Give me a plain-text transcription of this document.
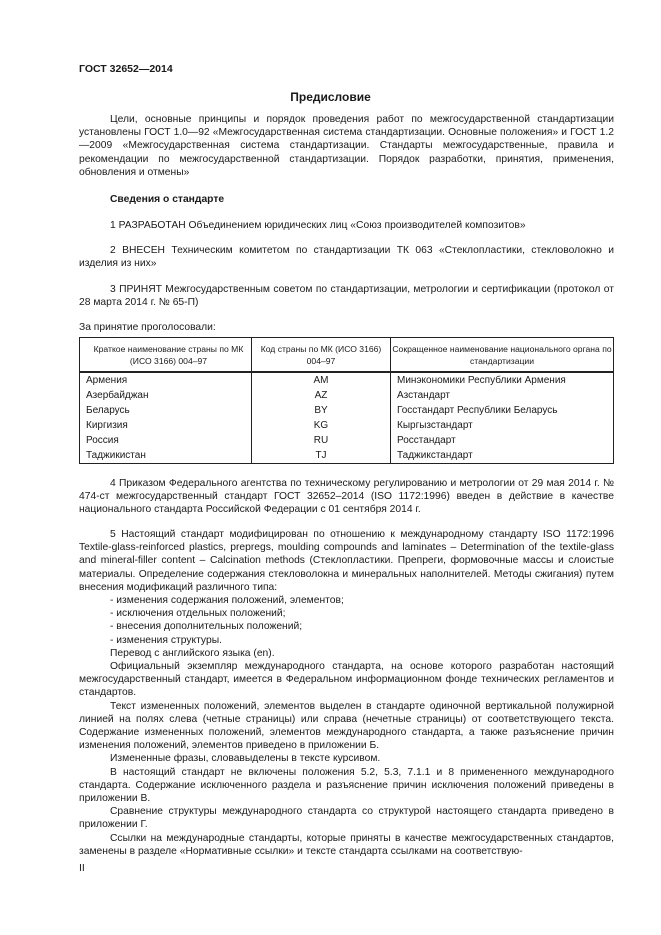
ГОСТ 32652—2014
Предисловие

Цели, основные принципы и порядок проведения работ по межгосударственной стандартизации установлены ГОСТ 1.0—92 «Межгосударственная система стандартизации. Основные положения» и ГОСТ 1.2—2009 «Межгосударственная система стандартизации. Стандарты межгосударственные, правила и рекомендации по межгосударственной стандартизации. Порядок разработки, принятия, применения, обновления и отмены»

Сведения о стандарте

1 РАЗРАБОТАН Объединением юридических лиц «Союз производителей композитов»

2 ВНЕСЕН Техническим комитетом по стандартизации ТК 063 «Стеклопластики, стекловолокно и изделия из них»

3 ПРИНЯТ Межгосударственным советом по стандартизации, метрологии и сертификации (протокол от 28 марта 2014 г. № 65-П)

За принятие проголосовали:

Краткое наименование страны по МК (ИСО 3166) 004–97	Код страны по МК (ИСО 3166) 004–97	Сокращенное наименование национального органа по стандартизации
Армения	AM	Минэкономики Республики Армения
Азербайджан	AZ	Азстандарт
Беларусь	BY	Госстандарт Республики Беларусь
Киргизия	KG	Кыргызстандарт
Россия	RU	Росстандарт
Таджикистан	TJ	Таджикстандарт

4 Приказом Федерального агентства по техническому регулированию и метрологии от 29 мая 2014 г. № 474-ст межгосударственный стандарт ГОСТ 32652–2014 (ISO 1172:1996) введен в действие в качестве национального стандарта Российской Федерации с 01 сентября 2014 г.

5 Настоящий стандарт модифицирован по отношению к международному стандарту ISO 1172:1996 Textile-glass-reinforced plastics, prepregs, moulding compounds and laminates – Determination of the textile-glass and mineral-filler content – Calcination methods (Стеклопластики. Препреги, формовочные массы и слоистые материалы. Определение содержания стекловолокна и минеральных наполнителей. Методы сжигания) путем внесения модификаций различного типа:

- изменения содержания положений, элементов;

- исключения отдельных положений;

- внесения дополнительных положений;

- изменения структуры.

Перевод с английского языка (en).

Официальный экземпляр международного стандарта, на основе которого разработан настоящий межгосударственный стандарт, имеется в Федеральном информационном фонде технических регламентов и стандартов.

Текст измененных положений, элементов выделен в стандарте одиночной вертикальной полужирной линией на полях слева (четные страницы) или справа (нечетные страницы) от соответствующего текста. Содержание измененных положений, элементов международного стандарта, а также разъяснение причин изменения положений, элементов приведено в приложении Б.

Измененные фразы, словавыделены в тексте курсивом.

В настоящий стандарт не включены положения 5.2, 5.3, 7.1.1 и 8 примененного международного стандарта. Содержание исключенного раздела и разъяснение причин исключения положений приведены в приложении В.

Сравнение структуры международного стандарта со структурой настоящего стандарта приведено в приложении Г.

Ссылки на международные стандарты, которые приняты в качестве межгосударственных стандартов, заменены в разделе «Нормативные ссылки» и тексте стандарта ссылками на соответствую-

II
